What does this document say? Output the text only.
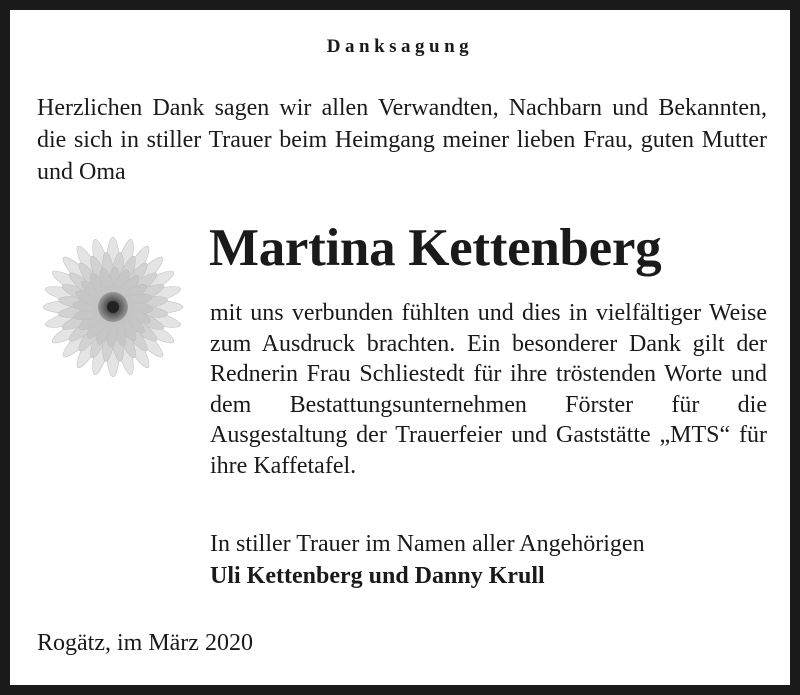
Danksagung
Herzlichen Dank sagen wir allen Verwandten, Nachbarn und Bekannten, die sich in stiller Trauer beim Heimgang meiner lieben Frau, guten Mutter und Oma
Martina Kettenberg
mit uns verbunden fühlten und dies in vielfältiger Weise zum Ausdruck brachten. Ein besonderer Dank gilt der Rednerin Frau Schliestedt für ihre tröstenden Worte und dem Bestattungsunternehmen Förster für die Ausgestaltung der Trauerfeier und Gaststätte „MTS“ für ihre Kaffetafel.
In stiller Trauer im Namen aller Angehörigen
Uli Kettenberg und Danny Krull
Rogätz, im März 2020
